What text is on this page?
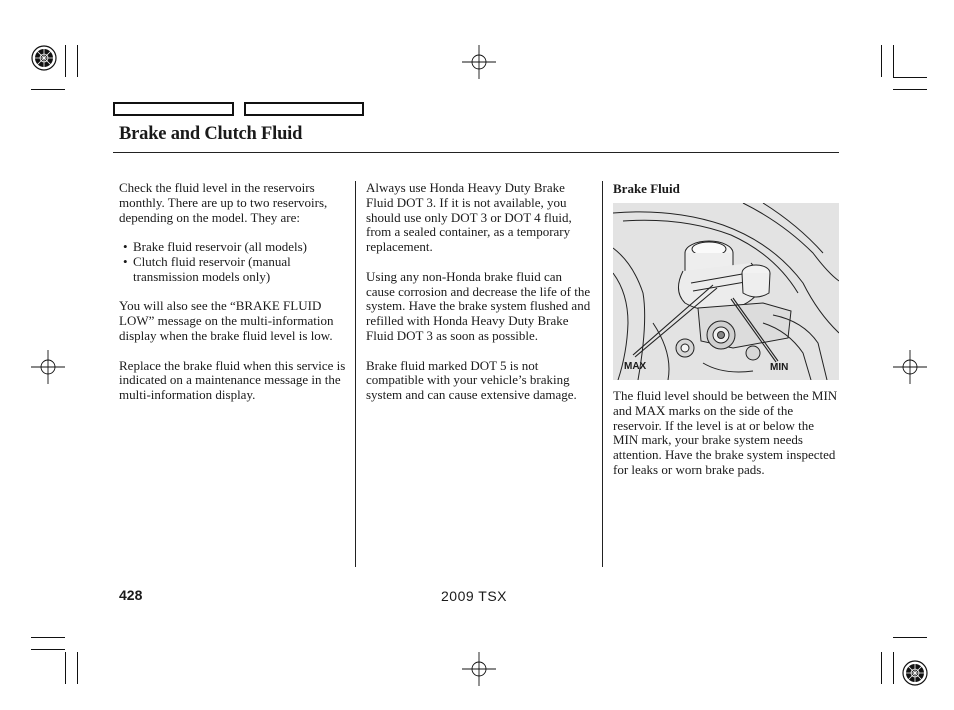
Brake and Clutch Fluid

Check the fluid level in the reservoirs monthly. There are up to two reservoirs, depending on the model. They are:

• Brake fluid reservoir (all models)
• Clutch fluid reservoir (manual transmission models only)

You will also see the “BRAKE FLUID LOW” message on the multi-information display when the brake fluid level is low.

Replace the brake fluid when this service is indicated on a maintenance message in the multi-information display.

Always use Honda Heavy Duty Brake Fluid DOT 3. If it is not available, you should use only DOT 3 or DOT 4 fluid, from a sealed container, as a temporary replacement.

Using any non-Honda brake fluid can cause corrosion and decrease the life of the system. Have the brake system flushed and refilled with Honda Heavy Duty Brake Fluid DOT 3 as soon as possible.

Brake fluid marked DOT 5 is not compatible with your vehicle’s braking system and can cause extensive damage.

Brake Fluid
MAX	MIN

The fluid level should be between the MIN and MAX marks on the side of the reservoir. If the level is at or below the MIN mark, your brake system needs attention. Have the brake system inspected for leaks or worn brake pads.

428	2009 TSX
